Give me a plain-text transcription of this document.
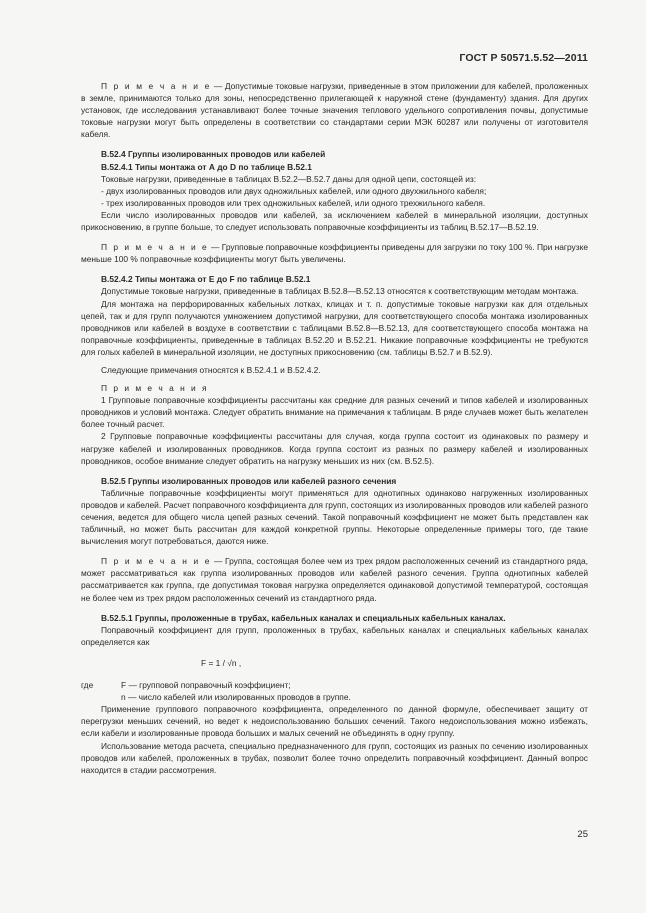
ГОСТ Р 50571.5.52—2011

П р и м е ч а н и е — Допустимые токовые нагрузки, приведенные в этом приложении для кабелей, проложенных в земле, принимаются только для зоны, непосредственно прилегающей к наружной стене (фундаменту) здания. Для других установок, где исследования устанавливают более точные значения теплового удельного сопротивления почвы, допустимые токовые нагрузки могут быть определены в соответствии со стандартами серии МЭК 60287 или получены от изготовителя кабеля.

B.52.4 Группы изолированных проводов или кабелей

B.52.4.1 Типы монтажа от А до D по таблице В.52.1

Токовые нагрузки, приведенные в таблицах В.52.2—В.52.7 даны для одной цепи, состоящей из:

- двух изолированных проводов или двух одножильных кабелей, или одного двухжильного кабеля;
- трех изолированных проводов или трех одножильных кабелей, или одного трехжильного кабеля.

Если число изолированных проводов или кабелей, за исключением кабелей в минеральной изоляции, доступных прикосновению, в группе больше, то следует использовать поправочные коэффициенты из таблиц В.52.17—В.52.19.

П р и м е ч а н и е — Групповые поправочные коэффициенты приведены для загрузки по току 100 %. При нагрузке меньше 100 % поправочные коэффициенты могут быть увеличены.

B.52.4.2 Типы монтажа от Е до F по таблице В.52.1

Допустимые токовые нагрузки, приведенные в таблицах В.52.8—В.52.13 относятся к соответствующим методам монтажа.

Для монтажа на перфорированных кабельных лотках, клицах и т. п. допустимые токовые нагрузки как для отдельных цепей, так и для групп получаются умножением допустимой нагрузки, для соответствующего способа монтажа изолированных проводников или кабелей в воздухе в соответствии с таблицами В.52.8—В.52.13, для соответствующего способа монтажа на поправочные коэффициенты, приведенные в таблицах В.52.20 и В.52.21. Никакие поправочные коэффициенты не требуются для голых кабелей в минеральной изоляции, не доступных прикосновению (см. таблицы В.52.7 и В.52.9).

Следующие примечания относятся к В.52.4.1 и В.52.4.2.

П р и м е ч а н и я

1 Групповые поправочные коэффициенты рассчитаны как средние для разных сечений и типов кабелей и изолированных проводников и условий монтажа. Следует обратить внимание на примечания к таблицам. В ряде случаев может быть желателен более точный расчет.

2 Групповые поправочные коэффициенты рассчитаны для случая, когда группа состоит из одинаковых по размеру и нагрузке кабелей и изолированных проводников. Когда группа состоит из разных по размеру кабелей и изолированных проводников, особое внимание следует обратить на нагрузку меньших из них (см. В.52.5).

B.52.5 Группы изолированных проводов или кабелей разного сечения

Табличные поправочные коэффициенты могут применяться для однотипных одинаково нагруженных изолированных проводов и кабелей. Расчет поправочного коэффициента для групп, состоящих из изолированных проводов или кабелей разного сечения, ведется для общего числа цепей разных сечений. Такой поправочный коэффициент не может быть представлен как табличный, но может быть рассчитан для каждой конкретной группы. Некоторые определенные примеры того, где такие вычисления могут потребоваться, даются ниже.

П р и м е ч а н и е — Группа, состоящая более чем из трех рядом расположенных сечений из стандартного ряда, может рассматриваться как группа изолированных проводов или кабелей разного сечения. Группа однотипных кабелей рассматривается как группа, где допустимая токовая нагрузка определяется одинаковой допустимой температурой, состоящая не более чем из трех рядом расположенных сечений из стандартного ряда.

B.52.5.1 Группы, проложенные в трубах, кабельных каналах и специальных кабельных каналах.

Поправочный коэффициент для групп, проложенных в трубах, кабельных каналах и специальных кабельных каналах определяется как

F = 1 / √n ,

где	F — групповой поправочный коэффициент;

n — число кабелей или изолированных проводов в группе.

Применение группового поправочного коэффициента, определенного по данной формуле, обеспечивает защиту от перегрузки меньших сечений, но ведет к недоиспользованию больших сечений. Такого недоиспользования можно избежать, если кабели и изолированные провода больших и малых сечений не объединять в одну группу.

Использование метода расчета, специально предназначенного для групп, состоящих из разных по сечению изолированных проводов или кабелей, проложенных в трубах, позволит более точно определить поправочный коэффициент. Данный вопрос находится в стадии рассмотрения.

25
